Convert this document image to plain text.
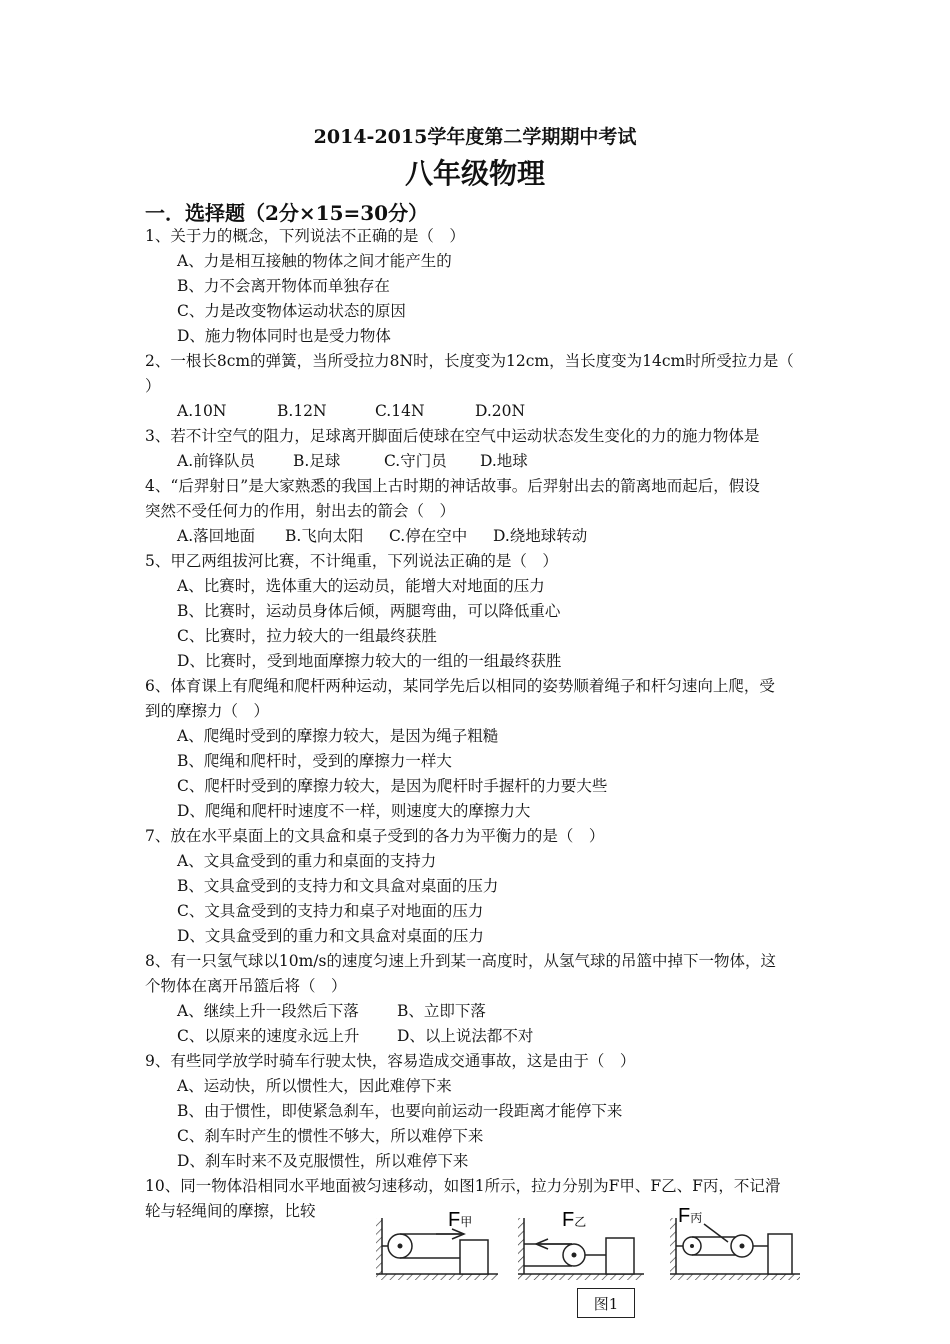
2014-2015学年度第二学期期中考试
八年级物理
一．选择题（2分×15=30分）
1、关于力的概念，下列说法不正确的是（　）
A、力是相互接触的物体之间才能产生的
B、力不会离开物体而单独存在
C、力是改变物体运动状态的原因
D、施力物体同时也是受力物体
2、一根长8cm的弹簧，当所受拉力8N时，长度变为12cm，当长度变为14cm时所受拉力是（
）
A.10N	B.12N	C.14N	D.20N
3、若不计空气的阻力，足球离开脚面后使球在空气中运动状态发生变化的力的施力物体是
A.前锋队员 B.足球	C.守门员 D.地球
4、“后羿射日”是大家熟悉的我国上古时期的神话故事。后羿射出去的箭离地而起后，假设
突然不受任何力的作用，射出去的箭会（　）
A.落回地面 B.飞向太阳 C.停在空中 D.绕地球转动
5、甲乙两组拔河比赛，不计绳重，下列说法正确的是（　）
A、比赛时，选体重大的运动员，能增大对地面的压力
B、比赛时，运动员身体后倾，两腿弯曲，可以降低重心
C、比赛时，拉力较大的一组最终获胜
D、比赛时，受到地面摩擦力较大的一组的一组最终获胜
6、体育课上有爬绳和爬杆两种运动，某同学先后以相同的姿势顺着绳子和杆匀速向上爬，受
到的摩擦力（　）
A、爬绳时受到的摩擦力较大，是因为绳子粗糙
B、爬绳和爬杆时，受到的摩擦力一样大
C、爬杆时受到的摩擦力较大，是因为爬杆时手握杆的力要大些
D、爬绳和爬杆时速度不一样，则速度大的摩擦力大
7、放在水平桌面上的文具盒和桌子受到的各力为平衡力的是（　）
A、文具盒受到的重力和桌面的支持力
B、文具盒受到的支持力和文具盒对桌面的压力
C、文具盒受到的支持力和桌子对地面的压力
D、文具盒受到的重力和文具盒对桌面的压力
8、有一只氢气球以10m/s的速度匀速上升到某一高度时，从氢气球的吊篮中掉下一物体，这
个物体在离开吊篮后将（　）
A、继续上升一段然后下落 B、立即下落
C、以原来的速度永远上升 D、以上说法都不对
9、有些同学放学时骑车行驶太快，容易造成交通事故，这是由于（　）
A、运动快，所以惯性大，因此难停下来
B、由于惯性，即使紧急刹车，也要向前运动一段距离才能停下来
C、刹车时产生的惯性不够大，所以难停下来
D、刹车时来不及克服惯性，所以难停下来
10、同一物体沿相同水平地面被匀速移动，如图1所示，拉力分别为F甲、F乙、F丙，不记滑
轮与轻绳间的摩擦，比较	F甲	F乙	F丙
图1
